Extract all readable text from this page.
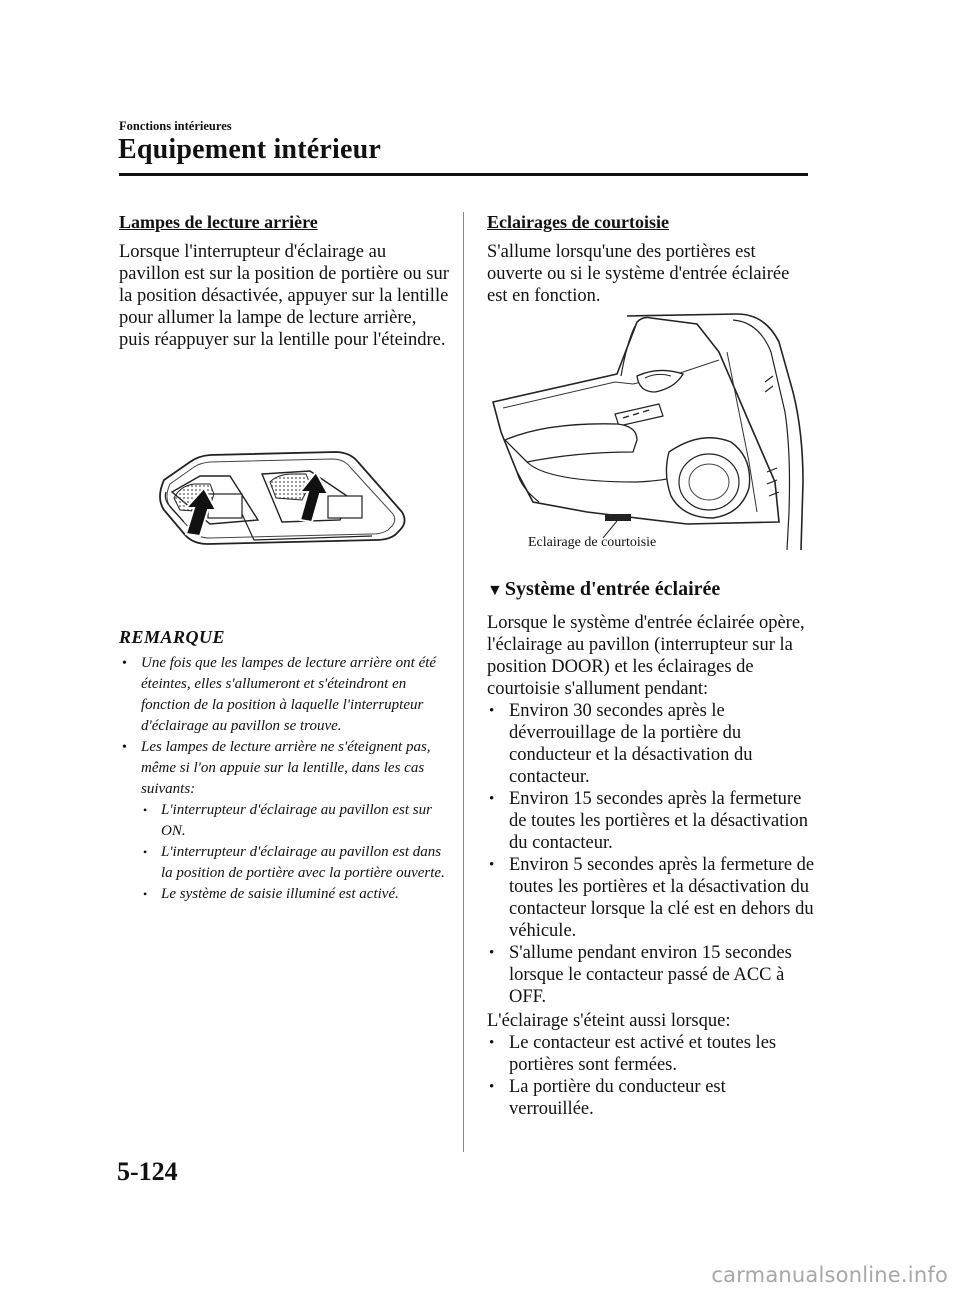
Fonctions intérieures
Equipement intérieur
Lampes de lecture arrière
Lorsque l'interrupteur d'éclairage au pavillon est sur la position de portière ou sur la position désactivée, appuyer sur la lentille pour allumer la lampe de lecture arrière, puis réappuyer sur la lentille pour l'éteindre.
REMARQUE

• Une fois que les lampes de lecture arrière ont été éteintes, elles s'allumeront et s'éteindront en fonction de la position à laquelle l'interrupteur d'éclairage au pavillon se trouve.

• Les lampes de lecture arrière ne s'éteignent pas, même si l'on appuie sur la lentille, dans les cas suivants:

• L'interrupteur d'éclairage au pavillon est sur ON.

• L'interrupteur d'éclairage au pavillon est dans la position de portière avec la portière ouverte.

• Le système de saisie illuminé est activé.

Eclairages de courtoisie
S'allume lorsqu'une des portières est ouverte ou si le système d'entrée éclairée est en fonction.
Eclairage de courtoisie
▼ Système d'entrée éclairée
Lorsque le système d'entrée éclairée opère, l'éclairage au pavillon (interrupteur sur la position DOOR) et les éclairages de courtoisie s'allument pendant:

• Environ 30 secondes après le déverrouillage de la portière du conducteur et la désactivation du contacteur.

• Environ 15 secondes après la fermeture de toutes les portières et la désactivation du contacteur.

• Environ 5 secondes après la fermeture de toutes les portières et la désactivation du contacteur lorsque la clé est en dehors du véhicule.

• S'allume pendant environ 15 secondes lorsque le contacteur passé de ACC à OFF.

L'éclairage s'éteint aussi lorsque:

• Le contacteur est activé et toutes les portières sont fermées.

• La portière du conducteur est verrouillée.

5-124
carmanualsonline.info
